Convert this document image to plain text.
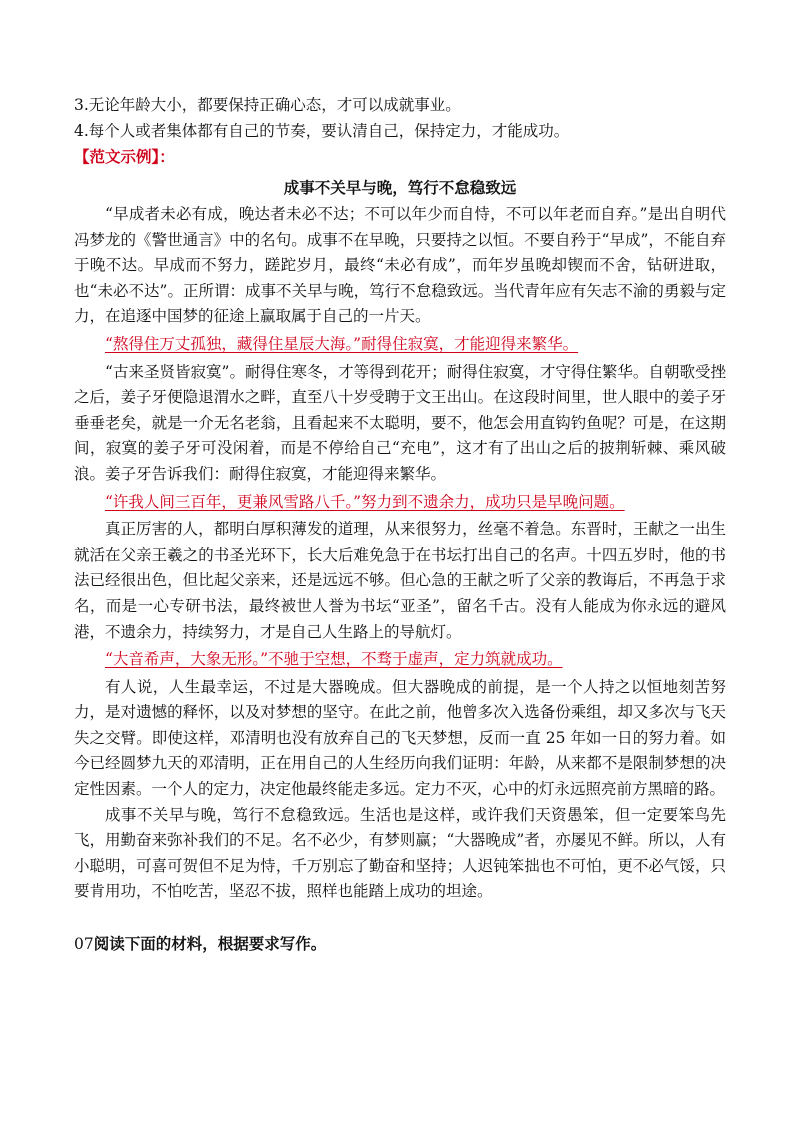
3.无论年龄大小，都要保持正确心态，才可以成就事业。
4.每个人或者集体都有自己的节奏，要认清自己，保持定力，才能成功。
【范文示例】：
成事不关早与晚，笃行不怠稳致远
“早成者未必有成，晚达者未必不达；不可以年少而自恃，不可以年老而自弃。”是出自明代冯梦龙的《警世通言》中的名句。成事不在早晚，只要持之以恒。不要自矜于“早成”，不能自弃于晚不达。早成而不努力，蹉跎岁月，最终“未必有成”，而年岁虽晚却锲而不舍，钻研进取，也“未必不达”。正所谓：成事不关早与晚，笃行不怠稳致远。当代青年应有矢志不渝的勇毅与定力，在追逐中国梦的征途上赢取属于自己的一片天。
“熬得住万丈孤独，藏得住星辰大海。”耐得住寂寞，才能迎得来繁华。
“古来圣贤皆寂寞”。耐得住寒冬，才等得到花开；耐得住寂寞，才守得住繁华。自朝歌受挫之后，姜子牙便隐退渭水之畔，直至八十岁受聘于文王出山。在这段时间里，世人眼中的姜子牙垂垂老矣，就是一介无名老翁，且看起来不太聪明，要不，他怎会用直钩钓鱼呢？可是，在这期间，寂寞的姜子牙可没闲着，而是不停给自己“充电”，这才有了出山之后的披荆斩棘、乘风破浪。姜子牙告诉我们：耐得住寂寞，才能迎得来繁华。
“许我人间三百年，更兼风雪路八千。”努力到不遗余力，成功只是早晚问题。
真正厉害的人，都明白厚积薄发的道理，从来很努力，丝毫不着急。东晋时，王献之一出生就活在父亲王羲之的书圣光环下，长大后难免急于在书坛打出自己的名声。十四五岁时，他的书法已经很出色，但比起父亲来，还是远远不够。但心急的王献之听了父亲的教诲后，不再急于求名，而是一心专研书法，最终被世人誉为书坛“亚圣”，留名千古。没有人能成为你永远的避风港，不遗余力，持续努力，才是自己人生路上的导航灯。
“大音希声，大象无形。”不驰于空想，不骛于虚声，定力筑就成功。
有人说，人生最幸运，不过是大器晚成。但大器晚成的前提，是一个人持之以恒地刻苦努力，是对遗憾的释怀，以及对梦想的坚守。在此之前，他曾多次入选备份乘组，却又多次与飞天失之交臂。即使这样，邓清明也没有放弃自己的飞天梦想，反而一直 25 年如一日的努力着。如今已经圆梦九天的邓清明，正在用自己的人生经历向我们证明：年龄，从来都不是限制梦想的决定性因素。一个人的定力，决定他最终能走多远。定力不灭，心中的灯永远照亮前方黑暗的路。
成事不关早与晚，笃行不怠稳致远。生活也是这样，或许我们天资愚笨，但一定要笨鸟先飞，用勤奋来弥补我们的不足。名不必少，有梦则赢；“大器晚成”者，亦屡见不鲜。所以，人有小聪明，可喜可贺但不足为恃，千万别忘了勤奋和坚持；人迟钝笨拙也不可怕，更不必气馁，只要肯用功，不怕吃苦，坚忍不拔，照样也能踏上成功的坦途。
07阅读下面的材料，根据要求写作。
